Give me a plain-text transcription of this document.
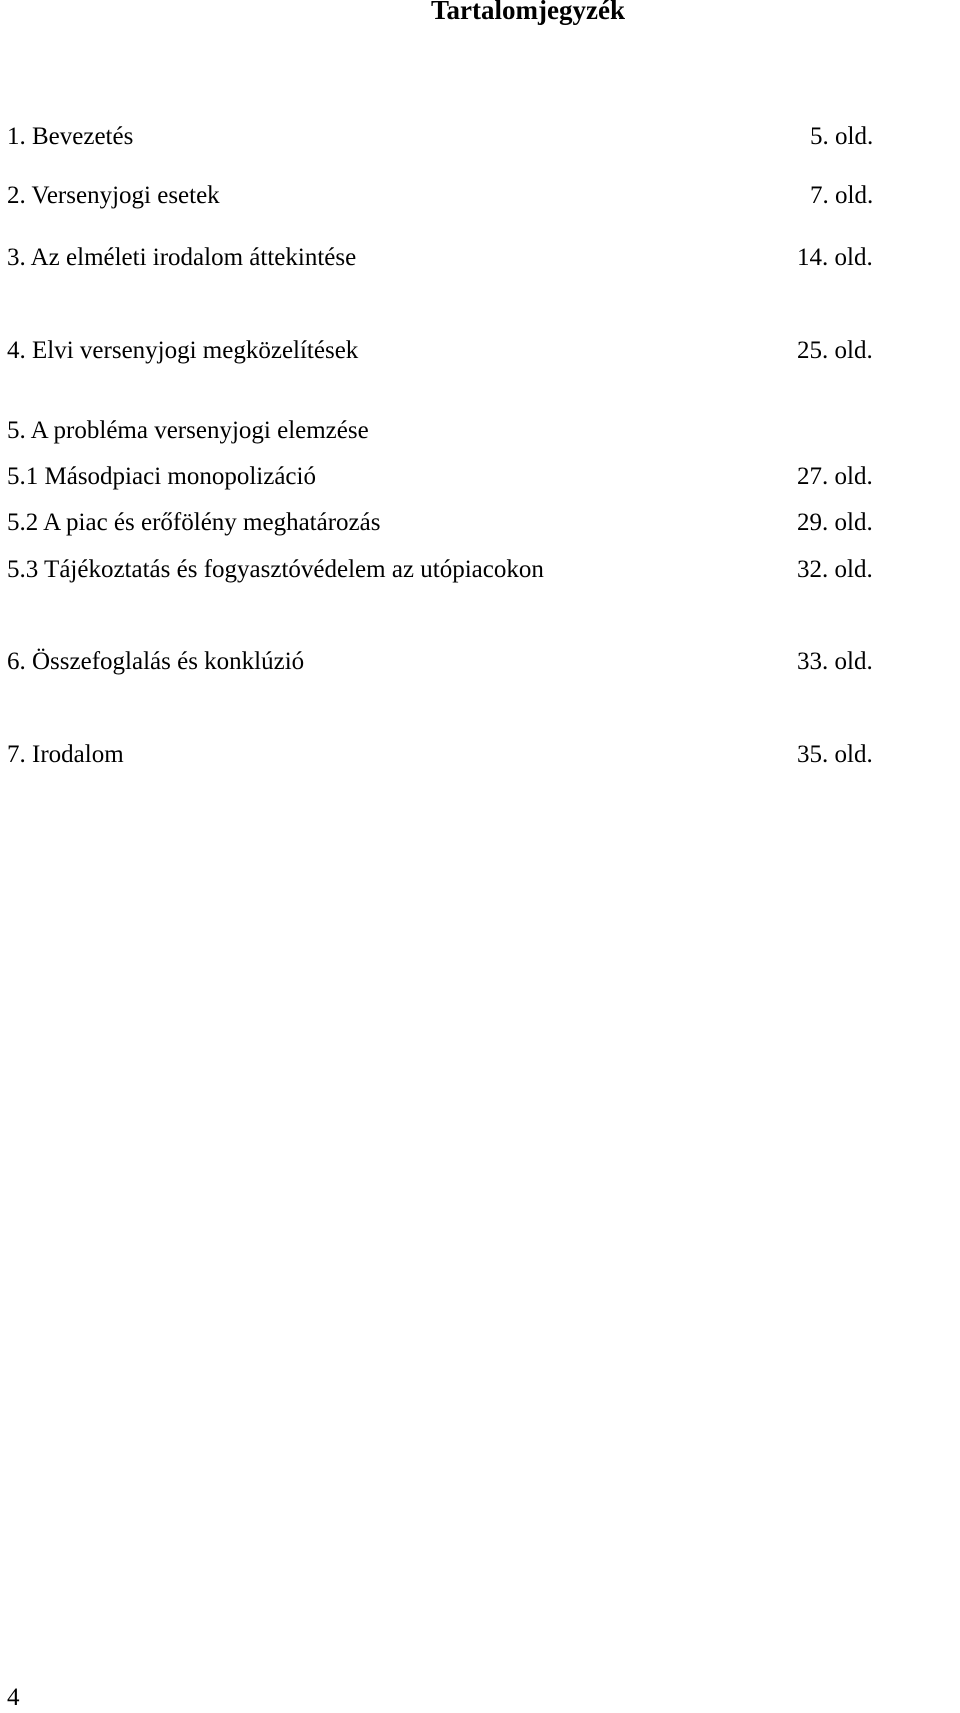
Tartalomjegyzék
1. Bevezetés	5. old.
2. Versenyjogi esetek	7. old.
3. Az elméleti irodalom áttekintése	14. old.
4. Elvi versenyjogi megközelítések	25. old.
5. A probléma versenyjogi elemzése
5.1 Másodpiaci monopolizáció	27. old.
5.2 A piac és erőfölény meghatározás	29. old.
5.3 Tájékoztatás és fogyasztóvédelem az utópiacokon	32. old.
6. Összefoglalás és konklúzió	33. old.
7. Irodalom	35. old.
4
